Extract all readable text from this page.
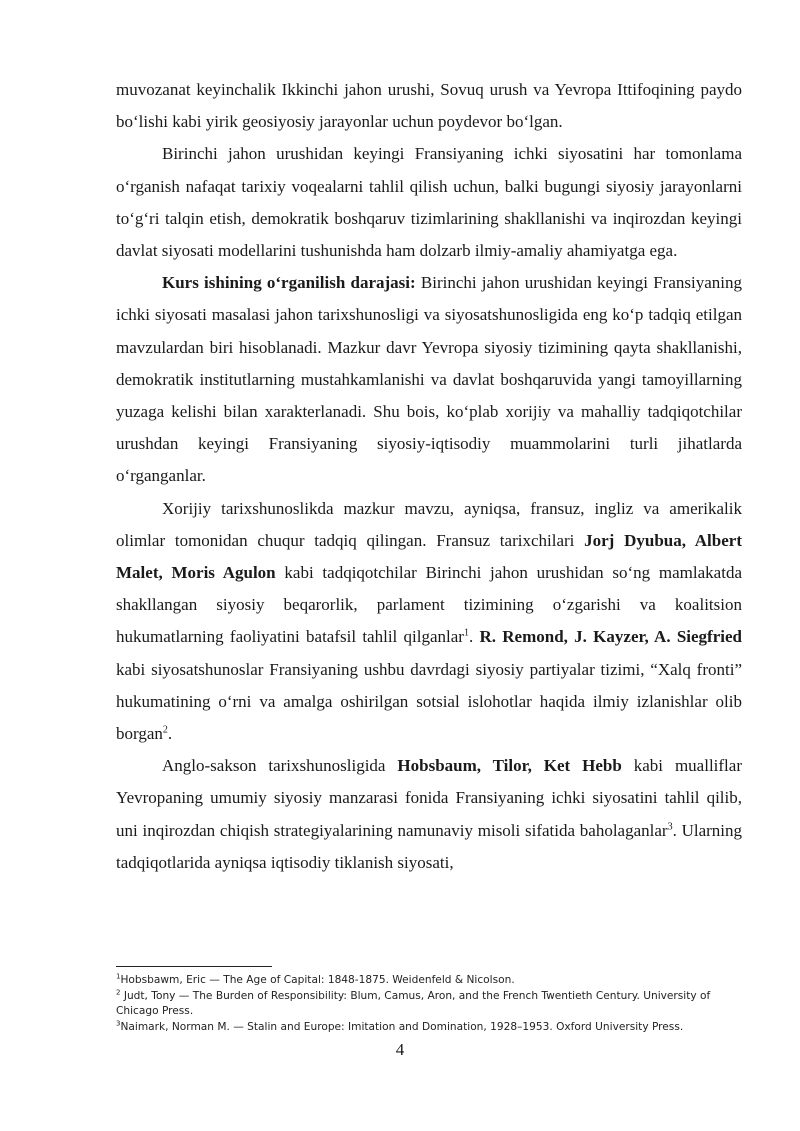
muvozanat keyinchalik Ikkinchi jahon urushi, Sovuq urush va Yevropa Ittifoqining paydo bo‘lishi kabi yirik geosiyosiy jarayonlar uchun poydevor bo‘lgan.

Birinchi jahon urushidan keyingi Fransiyaning ichki siyosatini har tomonlama o‘rganish nafaqat tarixiy voqealarni tahlil qilish uchun, balki bugungi siyosiy jarayonlarni to‘g‘ri talqin etish, demokratik boshqaruv tizimlarining shakllanishi va inqirozdan keyingi davlat siyosati modellarini tushunishda ham dolzarb ilmiy-amaliy ahamiyatga ega.

Kurs ishining o‘rganilish darajasi: Birinchi jahon urushidan keyingi Fransiyaning ichki siyosati masalasi jahon tarixshunosligi va siyosatshunosligida eng ko‘p tadqiq etilgan mavzulardan biri hisoblanadi. Mazkur davr Yevropa siyosiy tizimining qayta shakllanishi, demokratik institutlarning mustahkamlanishi va davlat boshqaruvida yangi tamoyillarning yuzaga kelishi bilan xarakterlanadi. Shu bois, ko‘plab xorijiy va mahalliy tadqiqotchilar urushdan keyingi Fransiyaning siyosiy-iqtisodiy muammolarini turli jihatlarda o‘rganganlar.

Xorijiy tarixshunoslikda mazkur mavzu, ayniqsa, fransuz, ingliz va amerikalik olimlar tomonidan chuqur tadqiq qilingan. Fransuz tarixchilari Jorj Dyubua, Albert Malet, Moris Agulon kabi tadqiqotchilar Birinchi jahon urushidan so‘ng mamlakatda shakllangan siyosiy beqarorlik, parlament tizimining o‘zgarishi va koalitsion hukumatlarning faoliyatini batafsil tahlil qilganlar$^1$. R. Remond, J. Kayzer, A. Siegfried kabi siyosatshunoslar Fransiyaning ushbu davrdagi siyosiy partiyalar tizimi, “Xalq fronti” hukumatining o‘rni va amalga oshirilgan sotsial islohotlar haqida ilmiy izlanishlar olib borgan$^2$.

Anglo-sakson tarixshunosligida Hobsbaum, Tilor, Ket Hebb kabi mualliflar Yevropaning umumiy siyosiy manzarasi fonida Fransiyaning ichki siyosatini tahlil qilib, uni inqirozdan chiqish strategiyalarining namunaviy misoli sifatida baholaganlar$^3$. Ularning tadqiqotlarida ayniqsa iqtisodiy tiklanish siyosati,

$^1$Hobsbawm, Eric — The Age of Capital: 1848-1875. Weidenfeld & Nicolson.

$^2$ Judt, Tony — The Burden of Responsibility: Blum, Camus, Aron, and the French Twentieth Century. University of Chicago Press.

$^3$Naimark, Norman M. — Stalin and Europe: Imitation and Domination, 1928–1953. Oxford University Press.

4
